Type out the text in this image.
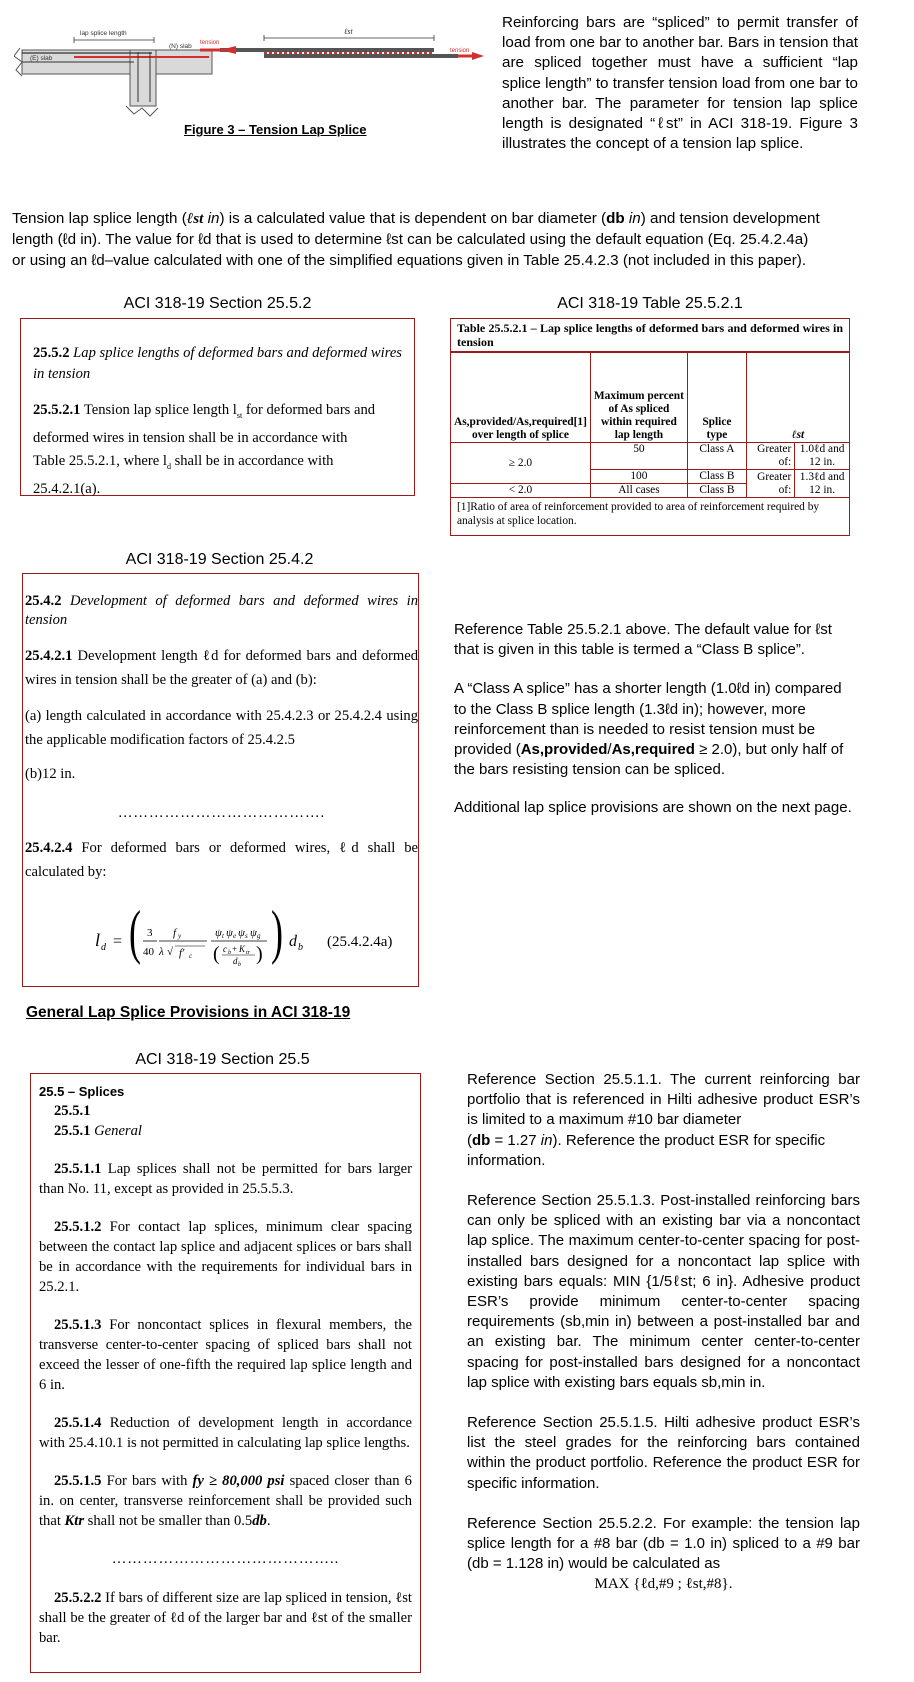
lap splice length
(N) slab
(E) slab
tension
tension
ℓst
Figure 3 – Tension Lap Splice

Reinforcing bars are “spliced” to permit transfer of load from one bar to another bar. Bars in tension that are spliced together must have a sufficient “lap splice length” to transfer tension load from one bar to another bar. The parameter for tension lap splice length is designated “ℓst” in ACI 318-19. Figure 3 illustrates the concept of a tension lap splice.

Tension lap splice length (ℓst in) is a calculated value that is dependent on bar diameter (db in) and tension development
length (ℓd in). The value for ℓd that is used to determine ℓst can be calculated using the default equation (Eq. 25.4.2.4a)
or using an ℓd–value calculated with one of the simplified equations given in Table 25.4.2.3 (not included in this paper).
ACI 318-19 Section 25.5.2

25.5.2 Lap splice lengths of deformed bars and deformed wires in tension

25.5.2.1 Tension lap splice length $l_{st}$ for deformed bars and
deformed wires in tension shall be in accordance with
Table 25.5.2.1, where $l_d$ shall be in accordance with
25.4.2.1(a).

ACI 318-19 Table 25.5.2.1
Table 25.5.2.1 – Lap splice lengths of deformed bars and deformed wires in tension
As,provided/As,required[1] over length of splice	Maximum percent of As spliced within required lap length	Splice type	ℓst	
≥ 2.0	50	Class A	Greater of:	1.0ℓd and 12 in.
	100	Class B	Greater of:	1.3ℓd and 12 in.
< 2.0	All cases	Class B		
[1]Ratio of area of reinforcement provided to area of reinforcement required by analysis at splice location.
ACI 318-19 Section 25.4.2

25.4.2 Development of deformed bars and deformed wires in tension

25.4.2.1 Development length ℓd for deformed bars and deformed wires in tension shall be the greater of (a) and (b):

(a) length calculated in accordance with 25.4.2.3 or 25.4.2.4 using the applicable modification factors of 25.4.2.5

(b)12 in.

………………………………….

25.4.2.4 For deformed bars or deformed wires, ℓd shall be calculated by:

l d = ( 3
40
f y
λ √ f′ c
ψ t ψ e ψ s ψ g
( c b + K tr
d b ) ) d b (25.4.2.4a)

Reference Table 25.5.2.1 above. The default value for ℓst that is given in this table is termed a “Class B splice”.

A “Class A splice” has a shorter length (1.0ℓd in) compared to the Class B splice length (1.3ℓd in); however, more reinforcement than is needed to resist tension must be provided (As,provided/As,required ≥ 2.0), but only half of the bars resisting tension can be spliced.

Additional lap splice provisions are shown on the next page.

General Lap Splice Provisions in ACI 318-19
ACI 318-19 Section 25.5
25.5 – Splices
25.5.1
25.5.1 General

25.5.1.1 Lap splices shall not be permitted for bars larger than No. 11, except as provided in 25.5.5.3.

25.5.1.2 For contact lap splices, minimum clear spacing between the contact lap splice and adjacent splices or bars shall be in accordance with the requirements for individual bars in 25.2.1.

25.5.1.3 For noncontact splices in flexural members, the transverse center-to-center spacing of spliced bars shall not exceed the lesser of one-fifth the required lap splice length and 6 in.

25.5.1.4 Reduction of development length in accordance with 25.4.10.1 is not permitted in calculating lap splice lengths.

25.5.1.5 For bars with fy ≥ 80,000 psi spaced closer than 6 in. on center, transverse reinforcement shall be provided such that Ktr shall not be smaller than 0.5db.

……………………………………..

25.5.2.2 If bars of different size are lap spliced in tension, ℓst shall be the greater of ℓd of the larger bar and ℓst of the smaller bar.

Reference Section 25.5.1.1. The current reinforcing bar portfolio that is referenced in Hilti adhesive product ESR’s is limited to a maximum #10 bar diameter

(db = 1.27 in). Reference the product ESR for specific information.

Reference Section 25.5.1.3. Post-installed reinforcing bars can only be spliced with an existing bar via a noncontact lap splice. The maximum center-to-center spacing for post-installed bars designed for a noncontact lap splice with existing bars equals: MIN {1/5ℓst; 6 in}. Adhesive product ESR’s provide minimum center-to-center spacing requirements (sb,min in) between a post-installed bar and an existing bar. The minimum center center-to-center spacing for post-installed bars designed for a noncontact lap splice with existing bars equals sb,min in.

Reference Section 25.5.1.5. Hilti adhesive product ESR’s list the steel grades for the reinforcing bars contained within the product portfolio. Reference the product ESR for specific information.

Reference Section 25.5.2.2. For example: the tension lap splice length for a #8 bar (db = 1.0 in) spliced to a #9 bar (db = 1.128 in) would be calculated as

MAX {ℓd,#9 ; ℓst,#8}.
